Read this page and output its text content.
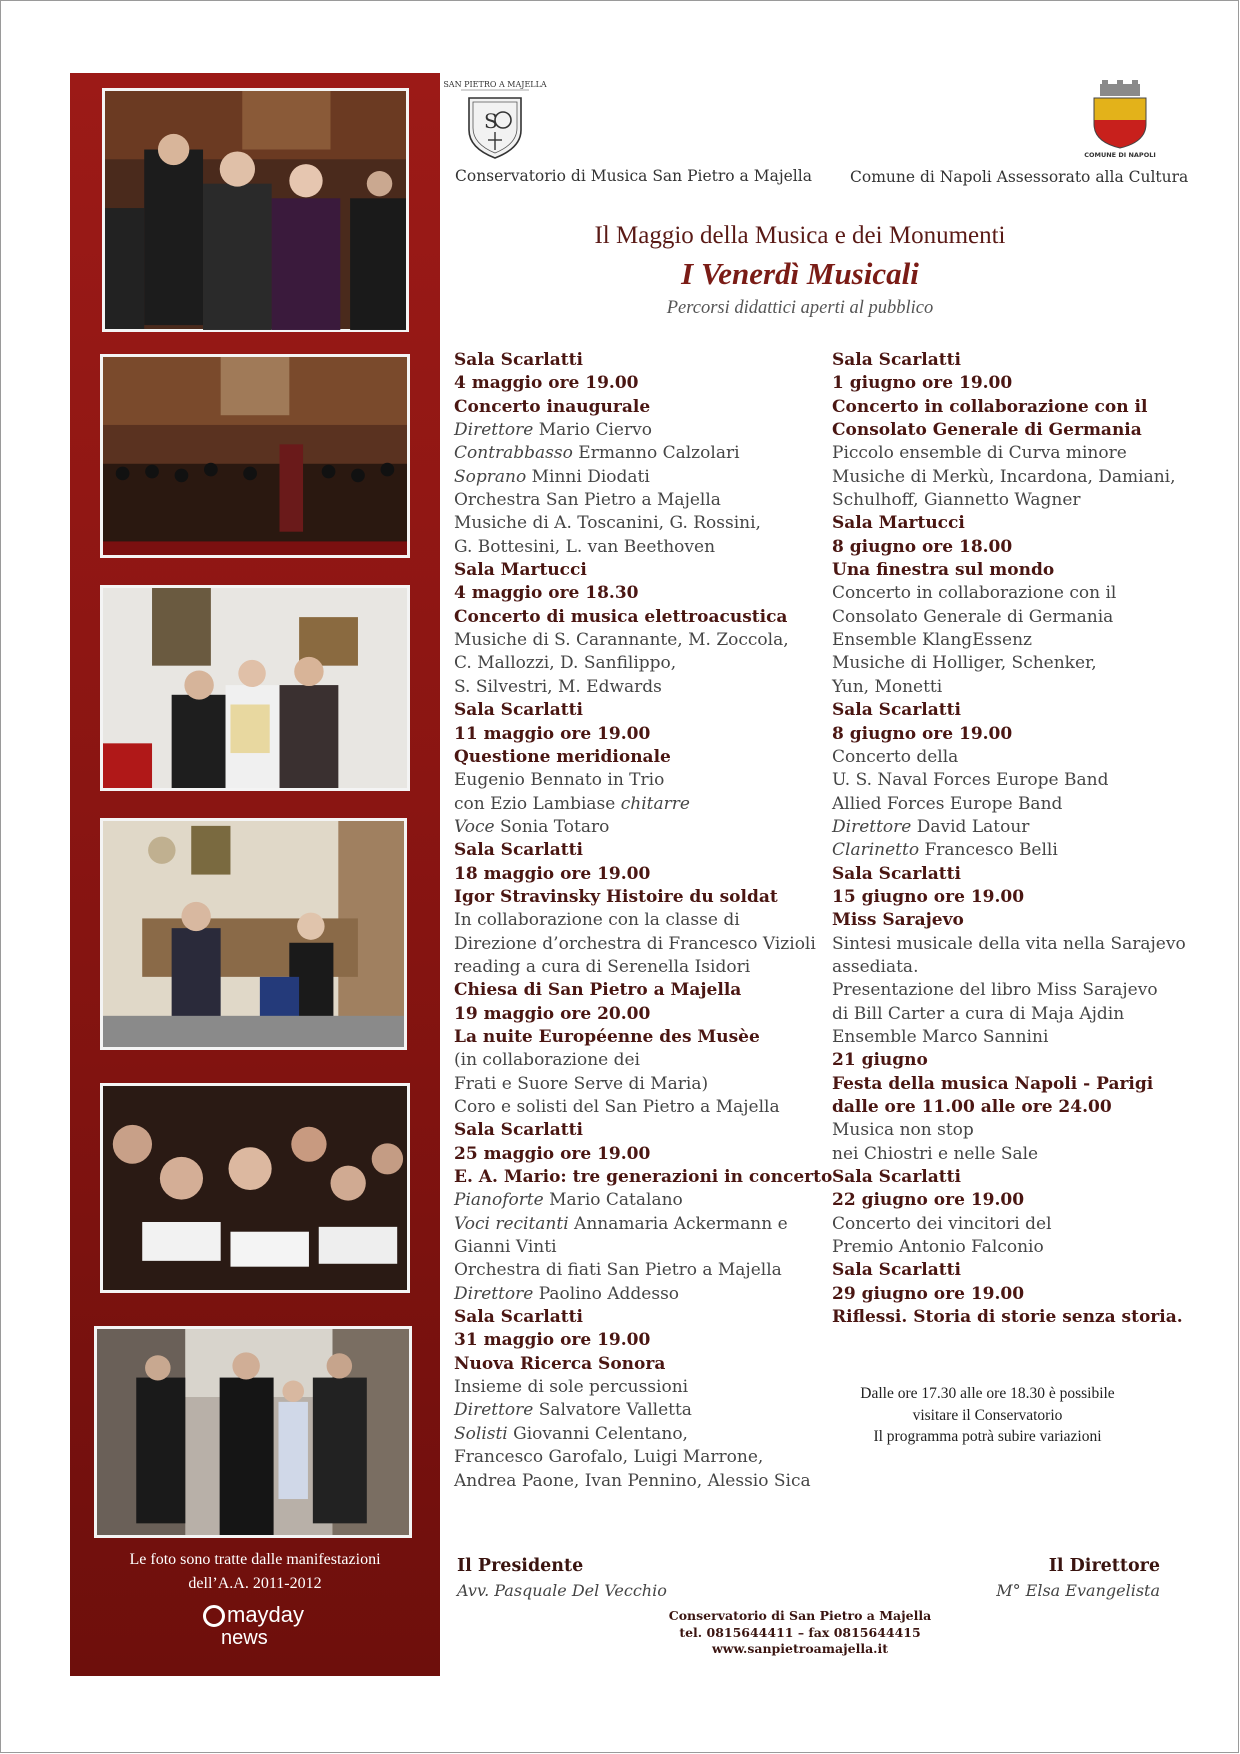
Le foto sono tratte dalle manifestazioni
dell’A.A. 2011-2012
mayday
news
SAN PIETRO A MAJELLA
S
COMUNE DI NAPOLI
Conservatorio di Musica San Pietro a Majella Comune di Napoli Assessorato alla Cultura
Il Maggio della Musica e dei Monumenti
I Venerdì Musicali
Percorsi didattici aperti al pubblico
Sala Scarlatti
4 maggio ore 19.00
Concerto inaugurale
Direttore Mario Ciervo
Contrabbasso Ermanno Calzolari
Soprano Minni Diodati
Orchestra San Pietro a Majella
Musiche di A. Toscanini, G. Rossini,
G. Bottesini, L. van Beethoven
Sala Martucci
4 maggio ore 18.30
Concerto di musica elettroacustica
Musiche di S. Carannante, M. Zoccola,
C. Mallozzi, D. Sanfilippo,
S. Silvestri, M. Edwards
Sala Scarlatti
11 maggio ore 19.00
Questione meridionale
Eugenio Bennato in Trio
con Ezio Lambiase chitarre
Voce Sonia Totaro
Sala Scarlatti
18 maggio ore 19.00
Igor Stravinsky Histoire du soldat
In collaborazione con la classe di
Direzione d’orchestra di Francesco Vizioli
reading a cura di Serenella Isidori
Chiesa di San Pietro a Majella
19 maggio ore 20.00
La nuite Européenne des Musèe
(in collaborazione dei
Frati e Suore Serve di Maria)
Coro e solisti del San Pietro a Majella
Sala Scarlatti
25 maggio ore 19.00
E. A. Mario: tre generazioni in concerto
Pianoforte Mario Catalano
Voci recitanti Annamaria Ackermann e
Gianni Vinti
Orchestra di fiati San Pietro a Majella
Direttore Paolino Addesso
Sala Scarlatti
31 maggio ore 19.00
Nuova Ricerca Sonora
Insieme di sole percussioni
Direttore Salvatore Valletta
Solisti Giovanni Celentano,
Francesco Garofalo, Luigi Marrone,
Andrea Paone, Ivan Pennino, Alessio Sica
Sala Scarlatti
1 giugno ore 19.00
Concerto in collaborazione con il
Consolato Generale di Germania
Piccolo ensemble di Curva minore
Musiche di Merkù, Incardona, Damiani,
Schulhoff, Giannetto Wagner
Sala Martucci
8 giugno ore 18.00
Una finestra sul mondo
Concerto in collaborazione con il
Consolato Generale di Germania
Ensemble KlangEssenz
Musiche di Holliger, Schenker,
Yun, Monetti
Sala Scarlatti
8 giugno ore 19.00
Concerto della
U. S. Naval Forces Europe Band
Allied Forces Europe Band
Direttore David Latour
Clarinetto Francesco Belli
Sala Scarlatti
15 giugno ore 19.00
Miss Sarajevo
Sintesi musicale della vita nella Sarajevo
assediata.
Presentazione del libro Miss Sarajevo
di Bill Carter a cura di Maja Ajdin
Ensemble Marco Sannini
21 giugno
Festa della musica Napoli - Parigi
dalle ore 11.00 alle ore 24.00
Musica non stop
nei Chiostri e nelle Sale
Sala Scarlatti
22 giugno ore 19.00
Concerto dei vincitori del
Premio Antonio Falconio
Sala Scarlatti
29 giugno ore 19.00
Riflessi. Storia di storie senza storia.
Dalle ore 17.30 alle ore 18.30 è possibile
visitare il Conservatorio
Il programma potrà subire variazioni
Il Presidente
Avv. Pasquale Del Vecchio
Il Direttore
M° Elsa Evangelista
Conservatorio di San Pietro a Majella
tel. 0815644411 – fax 0815644415
www.sanpietroamajella.it
